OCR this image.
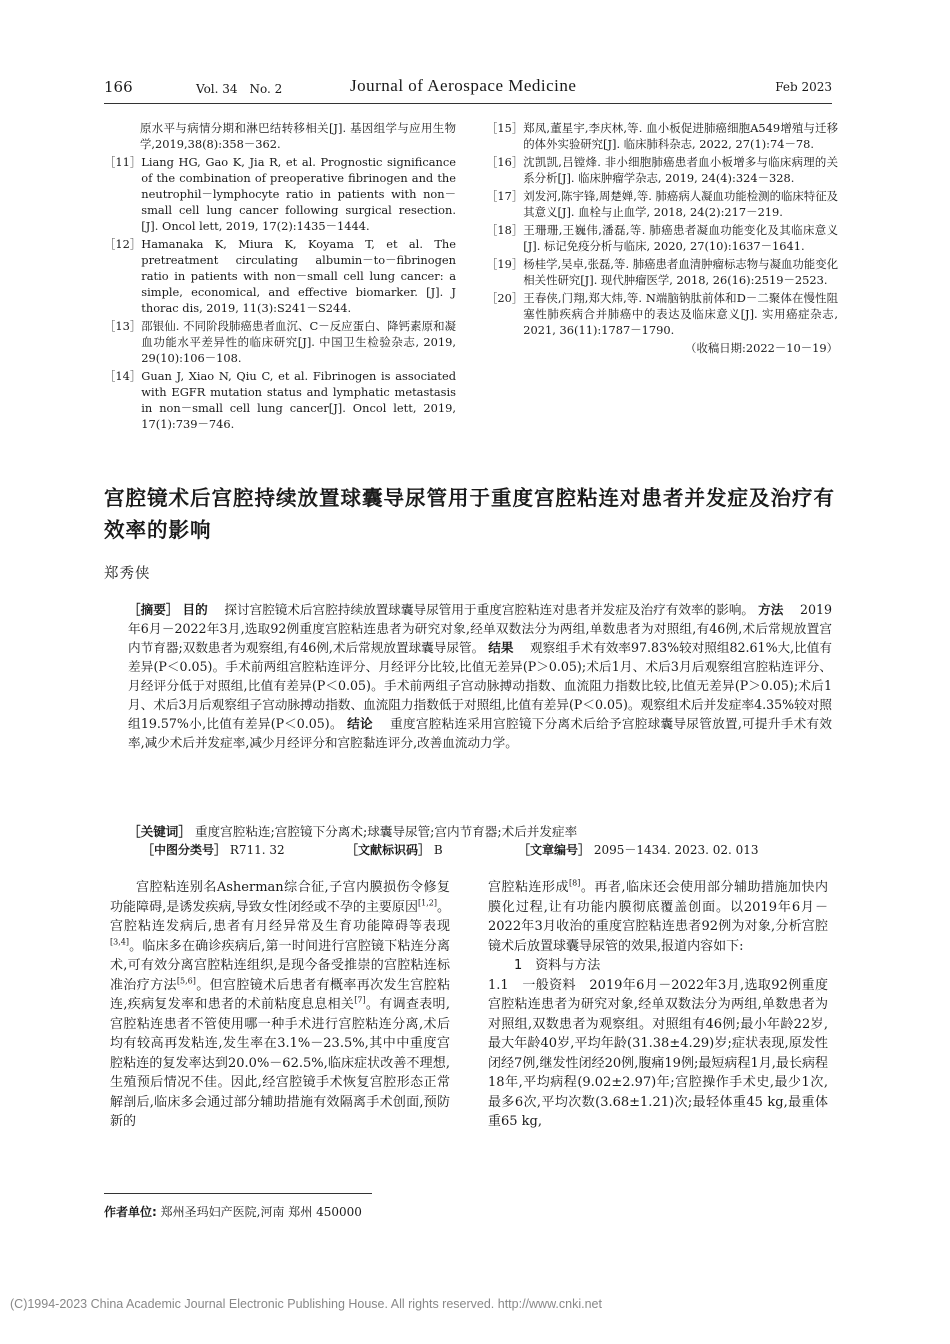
166	Vol. 34　No. 2	Journal of Aerospace Medicine	Feb 2023
原水平与病情分期和淋巴结转移相关[J]. 基因组学与应用生物学,2019,38(8):358－362.
［11］ Liang HG, Gao K, Jia R, et al. Prognostic significance of the combination of preoperative fibrinogen and the neutrophil－lymphocyte ratio in patients with non－small cell lung cancer following surgical resection. [J]. Oncol lett, 2019, 17(2):1435－1444.
［12］ Hamanaka K, Miura K, Koyama T, et al. The pretreatment circulating albumin－to－fibrinogen ratio in patients with non－small cell lung cancer: a simple, economical, and effective biomarker. [J]. J thorac dis, 2019, 11(3):S241－S244.
［13］ 邵银仙. 不同阶段肺癌患者血沉、C－反应蛋白、降钙素原和凝血功能水平差异性的临床研究[J]. 中国卫生检验杂志, 2019, 29(10):106－108.
［14］ Guan J, Xiao N, Qiu C, et al. Fibrinogen is associated with EGFR mutation status and lymphatic metastasis in non－small cell lung cancer[J]. Oncol lett, 2019, 17(1):739－746.
［15］ 郑凤,董星宇,李庆林,等. 血小板促进肺癌细胞A549增殖与迁移的体外实验研究[J]. 临床肺科杂志, 2022, 27(1):74－78.
［16］ 沈凯凯,吕镗烽. 非小细胞肺癌患者血小板增多与临床病理的关系分析[J]. 临床肿瘤学杂志, 2019, 24(4):324－328.
［17］ 刘发河,陈宇锋,周楚婵,等. 肺癌病人凝血功能检测的临床特征及其意义[J]. 血栓与止血学, 2018, 24(2):217－219.
［18］ 王珊珊,王巍伟,潘磊,等. 肺癌患者凝血功能变化及其临床意义[J]. 标记免疫分析与临床, 2020, 27(10):1637－1641.
［19］ 杨桂学,吴卓,张磊,等. 肺癌患者血清肿瘤标志物与凝血功能变化相关性研究[J]. 现代肿瘤医学, 2018, 26(16):2519－2523.
［20］ 王春侠,门翔,郑大炜,等. N端脑钠肽前体和D－二聚体在慢性阻塞性肺疾病合并肺癌中的表达及临床意义[J]. 实用癌症杂志, 2021, 36(11):1787－1790.
（收稿日期:2022－10－19）
宫腔镜术后宫腔持续放置球囊导尿管用于重度宫腔粘连对患者并发症及治疗有效率的影响
郑秀侠
［摘要］ 目的　 探讨宫腔镜术后宫腔持续放置球囊导尿管用于重度宫腔粘连对患者并发症及治疗有效率的影响。 方法　 2019年6月－2022年3月,选取92例重度宫腔粘连患者为研究对象,经单双数法分为两组,单数患者为对照组,有46例,术后常规放置宫内节育器;双数患者为观察组,有46例,术后常规放置球囊导尿管。 结果　 观察组手术有效率97.83%较对照组82.61%大,比值有差异(P＜0.05)。手术前两组宫腔粘连评分、月经评分比较,比值无差异(P＞0.05);术后1月、术后3月后观察组宫腔粘连评分、月经评分低于对照组,比值有差异(P＜0.05)。手术前两组子宫动脉搏动指数、血流阻力指数比较,比值无差异(P＞0.05);术后1月、术后3月后观察组子宫动脉搏动指数、血流阻力指数低于对照组,比值有差异(P＜0.05)。观察组术后并发症率4.35%较对照组19.57%小,比值有差异(P＜0.05)。 结论　 重度宫腔粘连采用宫腔镜下分离术后给予宫腔球囊导尿管放置,可提升手术有效率,减少术后并发症率,减少月经评分和宫腔黏连评分,改善血流动力学。
［关键词］ 重度宫腔粘连;宫腔镜下分离术;球囊导尿管;宫内节育器;术后并发症率
［中图分类号］ R711. 32	［文献标识码］ B	［文章编号］ 2095－1434. 2023. 02. 013

宫腔粘连别名Asherman综合征,子宫内膜损伤令修复功能障碍,是诱发疾病,导致女性闭经或不孕的主要原因[1,2]。宫腔粘连发病后,患者有月经异常及生育功能障碍等表现[3,4]。临床多在确诊疾病后,第一时间进行宫腔镜下粘连分离术,可有效分离宫腔粘连组织,是现今备受推崇的宫腔粘连标准治疗方法[5,6]。但宫腔镜术后患者有概率再次发生宫腔粘连,疾病复发率和患者的术前粘度息息相关[7]。有调查表明,宫腔粘连患者不管使用哪一种手术进行宫腔粘连分离,术后均有较高再发粘连,发生率在3.1%－23.5%,其中中重度宫腔粘连的复发率达到20.0%－62.5%,临床症状改善不理想,生殖预后情况不佳。因此,经宫腔镜手术恢复宫腔形态正常解剖后,临床多会通过部分辅助措施有效隔离手术创面,预防新的

宫腔粘连形成[8]。再者,临床还会使用部分辅助措施加快内膜化过程,让有功能内膜彻底覆盖创面。以2019年6月－2022年3月收治的重度宫腔粘连患者92例为对象,分析宫腔镜术后放置球囊导尿管的效果,报道内容如下:

1　资料与方法

1.1　一般资料　 2019年6月－2022年3月,选取92例重度宫腔粘连患者为研究对象,经单双数法分为两组,单数患者为对照组,双数患者为观察组。对照组有46例;最小年龄22岁,最大年龄40岁,平均年龄(31.38±4.29)岁;症状表现,原发性闭经7例,继发性闭经20例,腹痛19例;最短病程1月,最长病程18年,平均病程(9.02±2.97)年;宫腔操作手术史,最少1次,最多6次,平均次数(3.68±1.21)次;最轻体重45 kg,最重体重65 kg,

作者单位: 郑州圣玛妇产医院,河南 郑州 450000
(C)1994-2023 China Academic Journal Electronic Publishing House. All rights reserved. http://www.cnki.net
